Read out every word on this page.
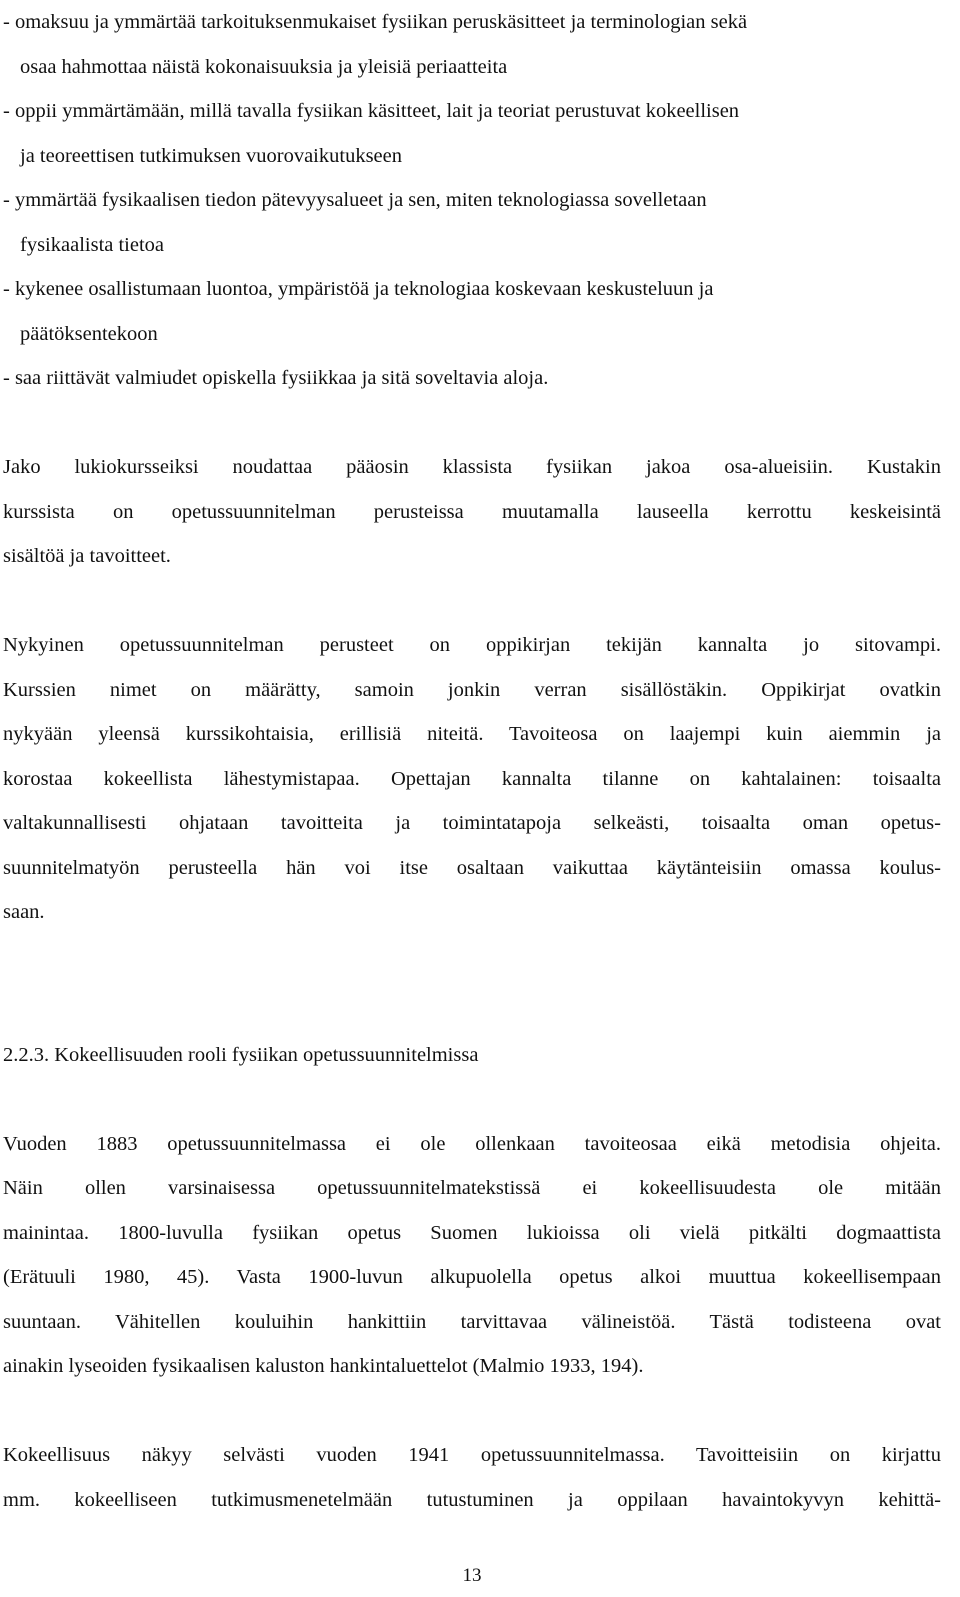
- omaksuu ja ymmärtää tarkoituksenmukaiset fysiikan peruskäsitteet ja terminologian sekä
osaa hahmottaa näistä kokonaisuuksia ja yleisiä periaatteita
- oppii ymmärtämään, millä tavalla fysiikan käsitteet, lait ja teoriat perustuvat kokeellisen
ja teoreettisen tutkimuksen vuorovaikutukseen
- ymmärtää fysikaalisen tiedon pätevyysalueet ja sen, miten teknologiassa sovelletaan
fysikaalista tietoa
- kykenee osallistumaan luontoa, ympäristöä ja teknologiaa koskevaan keskusteluun ja
päätöksentekoon
- saa riittävät valmiudet opiskella fysiikkaa ja sitä soveltavia aloja.
Jako lukiokursseiksi noudattaa pääosin klassista fysiikan jakoa osa-alueisiin. Kustakin
kurssista on opetussuunnitelman perusteissa muutamalla lauseella kerrottu keskeisintä
sisältöä ja tavoitteet.
Nykyinen opetussuunnitelman perusteet on oppikirjan tekijän kannalta jo sitovampi.
Kurssien nimet on määrätty, samoin jonkin verran sisällöstäkin. Oppikirjat ovatkin
nykyään yleensä kurssikohtaisia, erillisiä niteitä. Tavoiteosa on laajempi kuin aiemmin ja
korostaa kokeellista lähestymistapaa. Opettajan kannalta tilanne on kahtalainen: toisaalta
valtakunnallisesti ohjataan tavoitteita ja toimintatapoja selkeästi, toisaalta oman opetus-
suunnitelmatyön perusteella hän voi itse osaltaan vaikuttaa käytänteisiin omassa koulus-
saan.
2.2.3. Kokeellisuuden rooli fysiikan opetussuunnitelmissa
Vuoden 1883 opetussuunnitelmassa ei ole ollenkaan tavoiteosaa eikä metodisia ohjeita.
Näin ollen varsinaisessa opetussuunnitelmatekstissä ei kokeellisuudesta ole mitään
mainintaa. 1800-luvulla fysiikan opetus Suomen lukioissa oli vielä pitkälti dogmaattista
(Erätuuli 1980, 45). Vasta 1900-luvun alkupuolella opetus alkoi muuttua kokeellisempaan
suuntaan. Vähitellen kouluihin hankittiin tarvittavaa välineistöä. Tästä todisteena ovat
ainakin lyseoiden fysikaalisen kaluston hankintaluettelot (Malmio 1933, 194).
Kokeellisuus näkyy selvästi vuoden 1941 opetussuunnitelmassa. Tavoitteisiin on kirjattu
mm. kokeelliseen tutkimusmenetelmään tutustuminen ja oppilaan havaintokyvyn kehittä-
13
